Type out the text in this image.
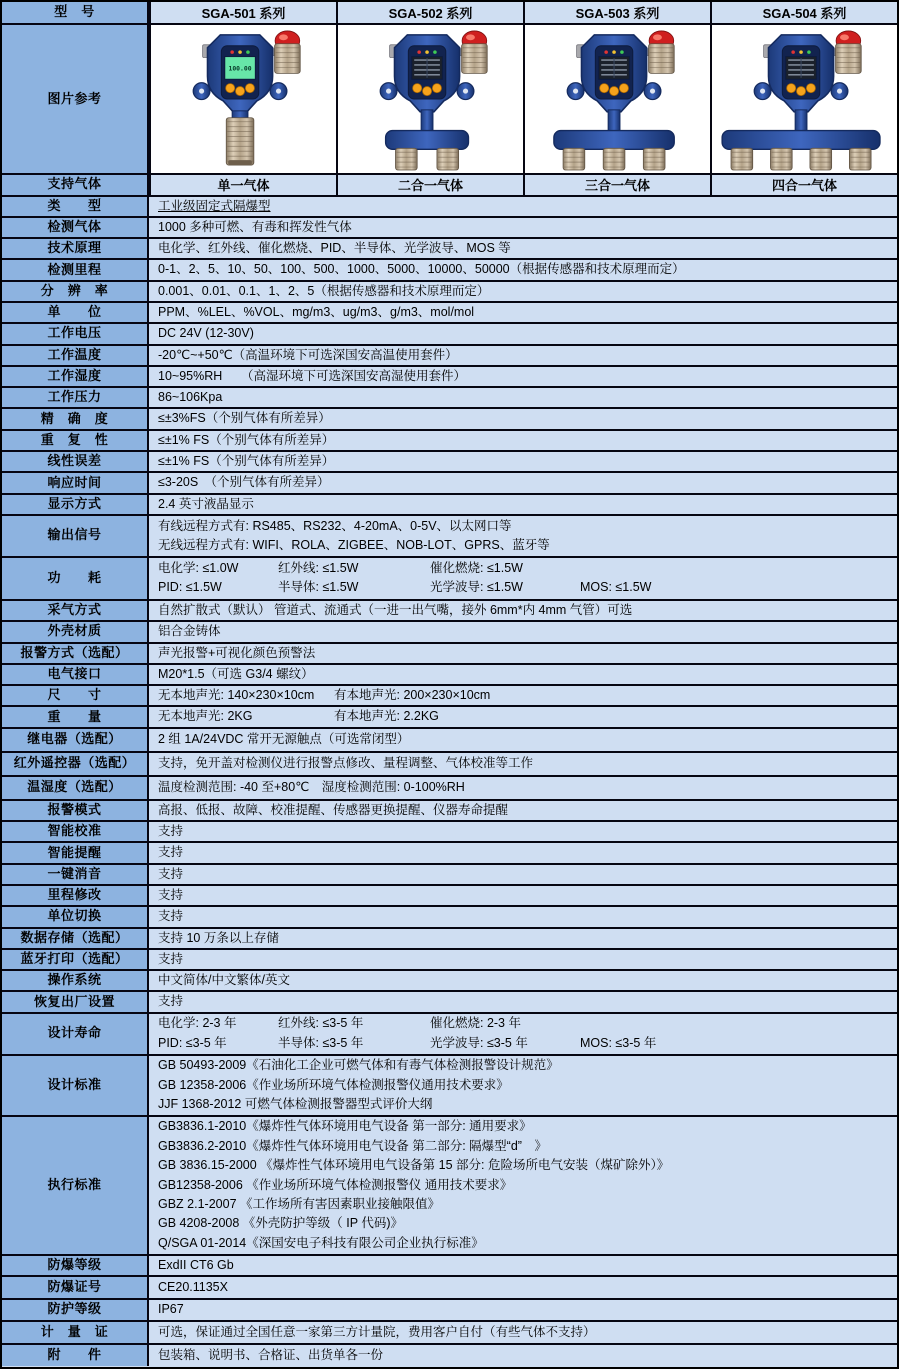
型　号	SGA-501 系列	SGA-502 系列	SGA-503 系列	SGA-504 系列
图片参考
100.00
支持气体	单一气体	二合一气体	三合一气体	四合一气体
类　　型	工业级固定式隔爆型
检测气体	1000 多种可燃、有毒和挥发性气体
技术原理	电化学、红外线、催化燃烧、PID、半导体、光学波导、MOS 等
检测里程	0-1、2、5、10、50、100、500、1000、5000、10000、50000（根据传感器和技术原理而定）
分　辨　率	0.001、0.01、0.1、1、2、5（根据传感器和技术原理而定）
单　　位	PPM、%LEL、%VOL、mg/m3、ug/m3、g/m3、mol/mol
工作电压	DC 24V (12-30V)
工作温度	-20℃~+50℃（高温环境下可选深国安高温使用套件）
工作湿度	10~95%RH　　（高湿环境下可选深国安高湿使用套件）
工作压力	86~106Kpa
精　确　度	≤±3%FS（个别气体有所差异）
重　复　性	≤±1% FS（个别气体有所差异）
线性误差	≤±1% FS（个别气体有所差异）
响应时间	≤3-20S　（个别气体有所差异）
显示方式	2.4 英寸液晶显示
输出信号
有线远程方式有: RS485、RS232、4-20mA、0-5V、以太网口等
无线远程方式有: WIFI、ROLA、ZIGBEE、NOB-LOT、GPRS、蓝牙等
功　　耗
电化学: ≤1.0W	红外线: ≤1.5W	催化燃烧: ≤1.5W
PID: ≤1.5W	半导体: ≤1.5W	光学波导: ≤1.5W	MOS: ≤1.5W
采气方式	自然扩散式（默认） 管道式、流通式（一进一出气嘴，接外 6mm*内 4mm 气管）可选
外壳材质	铝合金铸体
报警方式（选配）	声光报警+可视化颜色预警法
电气接口	M20*1.5（可选 G3/4 螺纹）
尺　　寸	无本地声光: 140×230×10cm 有本地声光: 200×230×10cm
重　　量	无本地声光: 2KG	有本地声光: 2.2KG
继电器（选配）	2 组 1A/24VDC 常开无源触点（可选常闭型）
红外遥控器（选配）	支持，免开盖对检测仪进行报警点修改、量程调整、气体校准等工作
温湿度（选配）	温度检测范围: -40 至+80℃　湿度检测范围: 0-100%RH
报警模式	高报、低报、故障、校准提醒、传感器更换提醒、仪器寿命提醒
智能校准	支持
智能提醒	支持
一键消音	支持
里程修改	支持
单位切换	支持
数据存储（选配）	支持 10 万条以上存储
蓝牙打印（选配）	支持
操作系统	中文简体/中文繁体/英文
恢复出厂设置	支持
设计寿命
电化学: 2-3 年	红外线: ≤3-5 年	催化燃烧: 2-3 年
PID: ≤3-5 年	半导体: ≤3-5 年	光学波导: ≤3-5 年	MOS: ≤3-5 年
设计标准
GB 50493-2009《石油化工企业可燃气体和有毒气体检测报警设计规范》
GB 12358-2006《作业场所环境气体检测报警仪通用技术要求》
JJF 1368-2012 可燃气体检测报警器型式评价大纲
执行标准
GB3836.1-2010《爆炸性气体环境用电气设备 第一部分: 通用要求》
GB3836.2-2010《爆炸性气体环境用电气设备 第二部分: 隔爆型“d”　》
GB 3836.15-2000 《爆炸性气体环境用电气设备第 15 部分: 危险场所电气安装（煤矿除外）》
GB12358-2006 《作业场所环境气体检测报警仪 通用技术要求》
GBZ 2.1-2007 《工作场所有害因素职业接触限值》
GB 4208-2008 《外壳防护等级（ IP 代码)》
Q/SGA 01-2014《深国安电子科技有限公司企业执行标准》
防爆等级	ExdII CT6 Gb
防爆证号	CE20.1135X
防护等级	IP67
计　量　证	可选，保证通过全国任意一家第三方计量院，费用客户自付（有些气体不支持）
附　　件	包装箱、说明书、合格证、出货单各一份
